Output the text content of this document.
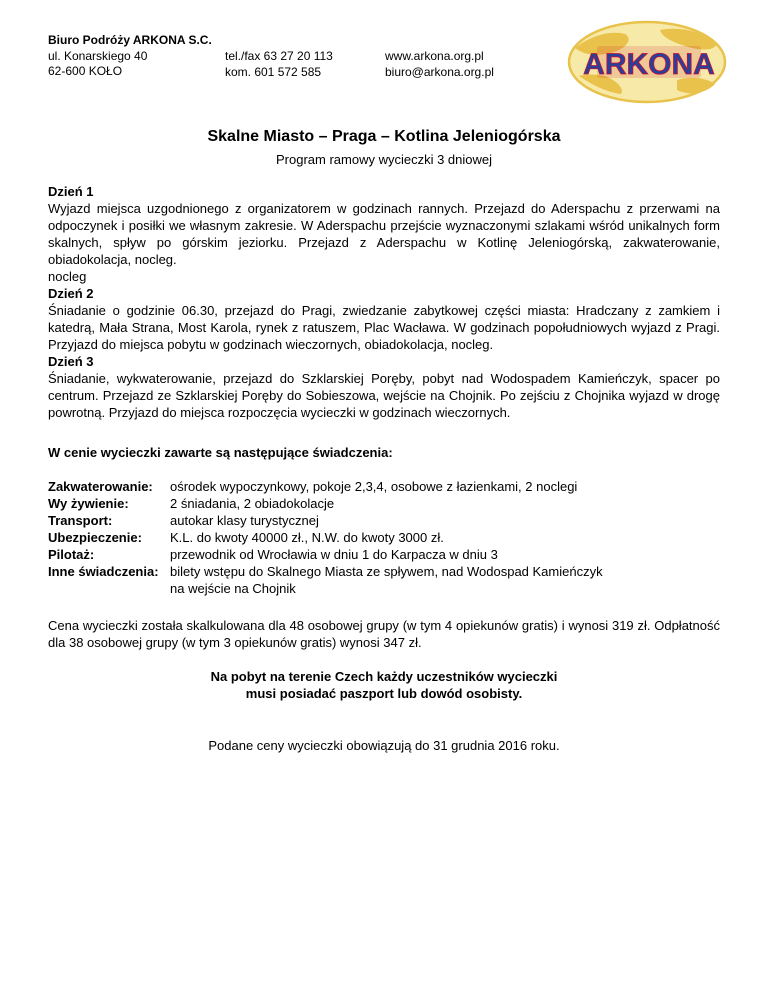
Biuro Podróży ARKONA S.C.
ul. Konarskiego 40
62-600 KOŁO
tel./fax 63 27 20 113
kom. 601 572 585
www.arkona.org.pl
biuro@arkona.org.pl	ARKONA
Skalne Miasto – Praga – Kotlina Jeleniogórska
Program ramowy wycieczki 3 dniowej

Dzień 1

Wyjazd miejsca uzgodnionego z organizatorem w godzinach rannych. Przejazd do Aderspachu z przerwami na odpoczynek i posiłki we własnym zakresie. W Aderspachu przejście wyznaczonymi szlakami wśród unikalnych form skalnych, spływ po górskim jeziorku. Przejazd z Aderspachu w Kotlinę Jeleniogórską, zakwaterowanie, obiadokolacja, nocleg.

nocleg

Dzień 2

Śniadanie o godzinie 06.30, przejazd do Pragi, zwiedzanie zabytkowej części miasta: Hradczany z zamkiem i katedrą, Mała Strana, Most Karola, rynek z ratuszem, Plac Wacława. W godzinach popołudniowych wyjazd z Pragi. Przyjazd do miejsca pobytu w godzinach wieczornych, obiadokolacja, nocleg.

Dzień 3

Śniadanie, wykwaterowanie, przejazd do Szklarskiej Poręby, pobyt nad Wodospadem Kamieńczyk, spacer po centrum. Przejazd ze Szklarskiej Poręby do Sobieszowa, wejście na Chojnik. Po zejściu z Chojnika wyjazd w drogę powrotną. Przyjazd do miejsca rozpoczęcia wycieczki w godzinach wieczornych.

W cenie wycieczki zawarte są następujące świadczenia:
Zakwaterowanie:	ośrodek wypoczynkowy, pokoje 2,3,4, osobowe z łazienkami, 2 noclegi
Wy żywienie:	2 śniadania, 2 obiadokolacje
Transport:	autokar klasy turystycznej
Ubezpieczenie:	K.L. do kwoty 40000 zł., N.W. do kwoty 3000 zł.
Pilotaż:	przewodnik od Wrocławia w dniu 1 do Karpacza w dniu 3
Inne świadczenia: bilety wstępu do Skalnego Miasta ze spływem, nad Wodospad Kamieńczyk
na wejście na Chojnik
Cena wycieczki została skalkulowana dla 48 osobowej grupy (w tym 4 opiekunów gratis) i wynosi 319 zł. Odpłatność dla 38 osobowej grupy (w tym 3 opiekunów gratis) wynosi 347 zł.
Na pobyt na terenie Czech każdy uczestników wycieczki
musi posiadać paszport lub dowód osobisty.
Podane ceny wycieczki obowiązują do 31 grudnia 2016 roku.
